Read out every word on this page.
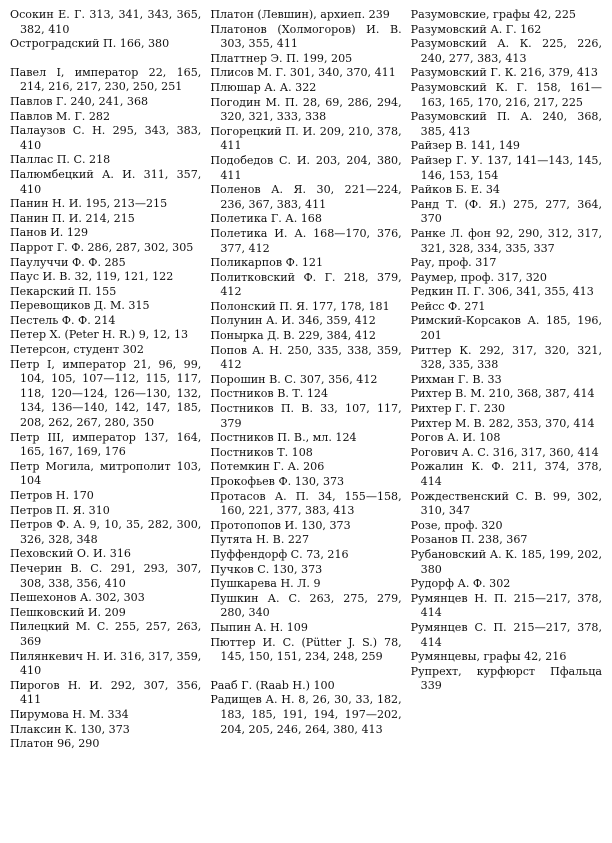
Осокин Е. Г. 313, 341, 343, 365, 382, 410
Остроградский П. 166, 380
Павел I, император 22, 165, 214, 216, 217, 230, 250, 251
Павлов Г. 240, 241, 368
Павлов М. Г. 282
Палаузов С. Н. 295, 343, 383, 410
Паллас П. С. 218
Палюмбецкий А. И. 311, 357, 410
Панин Н. И. 195, 213—215
Панин П. И. 214, 215
Панов И. 129
Паррот Г. Ф. 286, 287, 302, 305
Паулуччи Ф. Ф. 285
Паус И. В. 32, 119, 121, 122
Пекарский П. 155
Перевощиков Д. М. 315
Пестель Ф. Ф. 214
Петер X. (Peter H. R.) 9, 12, 13
Петерсон, студент 302
Петр I, император 21, 96, 99, 104, 105, 107—112, 115, 117, 118, 120—124, 126—130, 132, 134, 136—140, 142, 147, 185, 208, 262, 267, 280, 350
Петр III, император 137, 164, 165, 167, 169, 176
Петр Могила, митрополит 103, 104
Петров Н. 170
Петров П. Я. 310
Петров Ф. А. 9, 10, 35, 282, 300, 326, 328, 348
Пеховский О. И. 316
Печерин В. С. 291, 293, 307, 308, 338, 356, 410
Пешехонов А. 302, 303
Пешковский И. 209
Пилецкий М. С. 255, 257, 263, 369
Пилянкевич Н. И. 316, 317, 359, 410
Пирогов Н. И. 292, 307, 356, 411
Пирумова Н. М. 334
Плаксин К. 130, 373
Платон 96, 290
Платон (Левшин), архиеп. 239
Платонов (Холмогоров) И. В. 303, 355, 411
Платтнер Э. П. 199, 205
Плисов М. Г. 301, 340, 370, 411
Плюшар А. А. 322
Погодин М. П. 28, 69, 286, 294, 320, 321, 333, 338
Погорецкий П. И. 209, 210, 378, 411
Подобедов С. И. 203, 204, 380, 411
Поленов А. Я. 30, 221—224, 236, 367, 383, 411
Полетика Г. А. 168
Полетика И. А. 168—170, 376, 377, 412
Поликарпов Ф. 121
Политковский Ф. Г. 218, 379, 412
Полонский П. Я. 177, 178, 181
Полунин А. И. 346, 359, 412
Понырка Д. В. 229, 384, 412
Попов А. Н. 250, 335, 338, 359, 412
Порошин В. С. 307, 356, 412
Постников В. Т. 124
Постников П. В. 33, 107, 117, 379
Постников П. В., мл. 124
Постников Т. 108
Потемкин Г. А. 206
Прокофьев Ф. 130, 373
Протасов А. П. 34, 155—158, 160, 221, 377, 383, 413
Протопопов И. 130, 373
Путята Н. В. 227
Пуффендорф С. 73, 216
Пучков С. 130, 373
Пушкарева Н. Л. 9
Пушкин А. С. 263, 275, 279, 280, 340
Пыпин А. Н. 109
Пюттер И. С. (Pütter J. S.) 78, 145, 150, 151, 234, 248, 259
Рааб Г. (Raab H.) 100
Радищев А. Н. 8, 26, 30, 33, 182, 183, 185, 191, 194, 197—202, 204, 205, 246, 264, 380, 413
Разумовские, графы 42, 225
Разумовский А. Г. 162
Разумовский А. К. 225, 226, 240, 277, 383, 413
Разумовский Г. К. 216, 379, 413
Разумовский К. Г. 158, 161—163, 165, 170, 216, 217, 225
Разумовский П. А. 240, 368, 385, 413
Райзер В. 141, 149
Райзер Г. У. 137, 141—143, 145, 146, 153, 154
Райков Б. Е. 34
Ранд Т. (Ф. Я.) 275, 277, 364, 370
Ранке Л. фон 92, 290, 312, 317, 321, 328, 334, 335, 337
Рау, проф. 317
Раумер, проф. 317, 320
Редкин П. Г. 306, 341, 355, 413
Рейсс Ф. 271
Римский-Корсаков А. 185, 196, 201
Риттер К. 292, 317, 320, 321, 328, 335, 338
Рихман Г. В. 33
Рихтер В. М. 210, 368, 387, 414
Рихтер Г. Г. 230
Рихтер М. В. 282, 353, 370, 414
Рогов А. И. 108
Рогович А. С. 316, 317, 360, 414
Рожалин К. Ф. 211, 374, 378, 414
Рождественский С. В. 99, 302, 310, 347
Розе, проф. 320
Розанов П. 238, 367
Рубановский А. К. 185, 199, 202, 380
Рудорф А. Ф. 302
Румянцев Н. П. 215—217, 378, 414
Румянцев С. П. 215—217, 378, 414
Румянцевы, графы 42, 216
Рупрехт, курфюрст Пфальца 339
